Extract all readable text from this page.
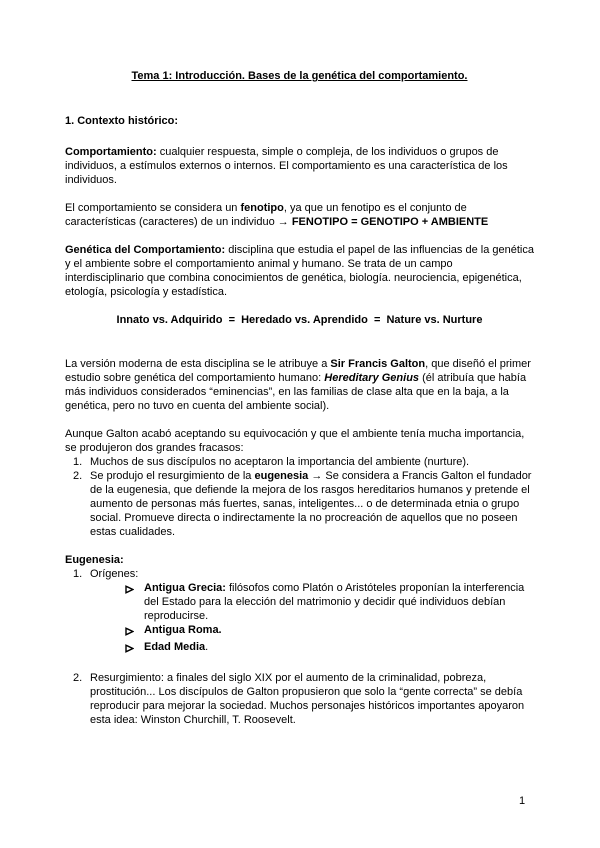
Tema 1: Introducción. Bases de la genética del comportamiento.
1. Contexto histórico:

Comportamiento: cualquier respuesta, simple o compleja, de los individuos o grupos de individuos, a estímulos externos o internos. El comportamiento es una característica de los individuos.

El comportamiento se considera un fenotipo, ya que un fenotipo es el conjunto de características (caracteres) de un individuo → FENOTIPO = GENOTIPO + AMBIENTE

Genética del Comportamiento: disciplina que estudia el papel de las influencias de la genética y el ambiente sobre el comportamiento animal y humano. Se trata de un campo interdisciplinario que combina conocimientos de genética, biología. neurociencia, epigenética, etología, psicología y estadística.

Innato vs. Adquirido  =  Heredado vs. Aprendido  =  Nature vs. Nurture

La versión moderna de esta disciplina se le atribuye a Sir Francis Galton, que diseñó el primer estudio sobre genética del comportamiento humano: Hereditary Genius (él atribuía que había más individuos considerados “eminencias”, en las familias de clase alta que en la baja, a la genética, pero no tuvo en cuenta del ambiente social).

Aunque Galton acabó aceptando su equivocación y que el ambiente tenía mucha importancia, se produjeron dos grandes fracasos:

1. Muchos de sus discípulos no aceptaron la importancia del ambiente (nurture).
2. Se produjo el resurgimiento de la eugenesia → Se considera a Francis Galton el fundador de la eugenesia, que defiende la mejora de los rasgos hereditarios humanos y pretende el aumento de personas más fuertes, sanas, inteligentes... o de determinada etnia o grupo social. Promueve directa o indirectamente la no procreación de aquellos que no poseen estas cualidades.
Eugenesia:
1. Orígenes:
Antigua Grecia: filósofos como Platón o Aristóteles proponían la interferencia del Estado para la elección del matrimonio y decidir qué individuos debían reproducirse.
Antigua Roma.
Edad Media.
2. Resurgimiento: a finales del siglo XIX por el aumento de la criminalidad, pobreza, prostitución... Los discípulos de Galton propusieron que solo la “gente correcta” se debía reproducir para mejorar la sociedad. Muchos personajes históricos importantes apoyaron esta idea: Winston Churchill, T. Roosevelt.
1
